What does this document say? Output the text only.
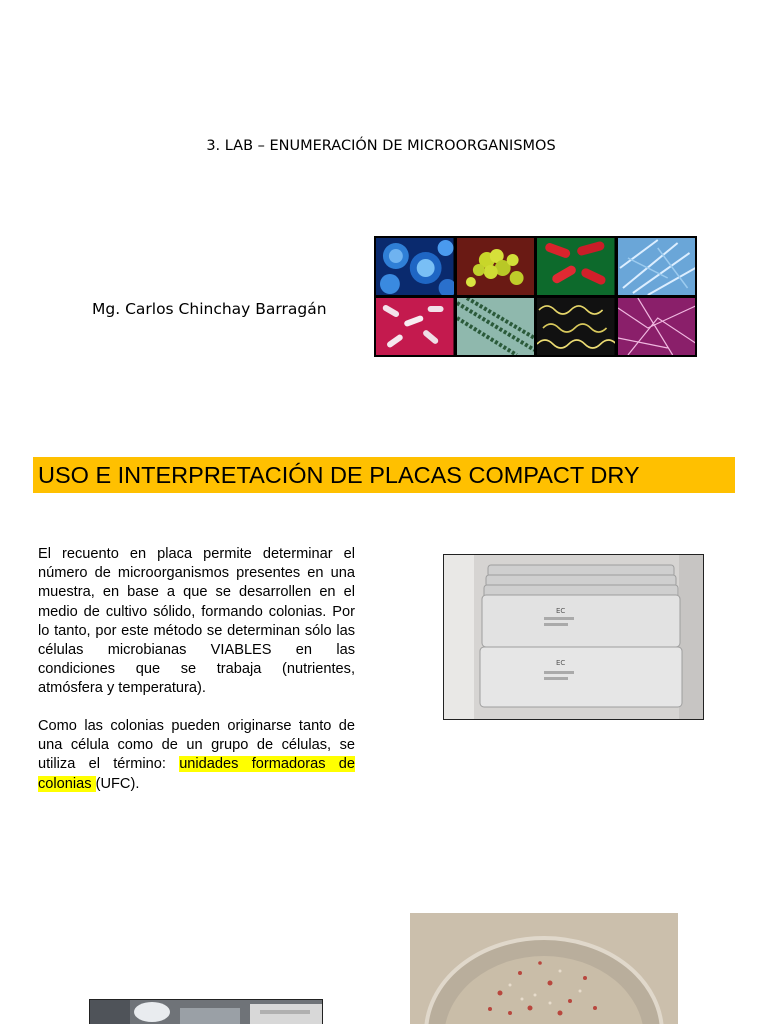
3. LAB – ENUMERACIÓN DE MICROORGANISMOS
Mg. Carlos Chinchay Barragán
USO E INTERPRETACIÓN DE PLACAS COMPACT DRY
El recuento en placa permite determinar el número de microorganismos presentes en una muestra, en base a que se desarrollen en el medio de cultivo sólido, formando colonias. Por lo tanto, por este método se determinan sólo las células microbianas VIABLES en las condiciones que se trabaja (nutrientes, atmósfera y temperatura).
Como las colonias pueden originarse tanto de una célula como de un grupo de células, se utiliza el término: unidades formadoras de colonias (UFC).
EC
EC
